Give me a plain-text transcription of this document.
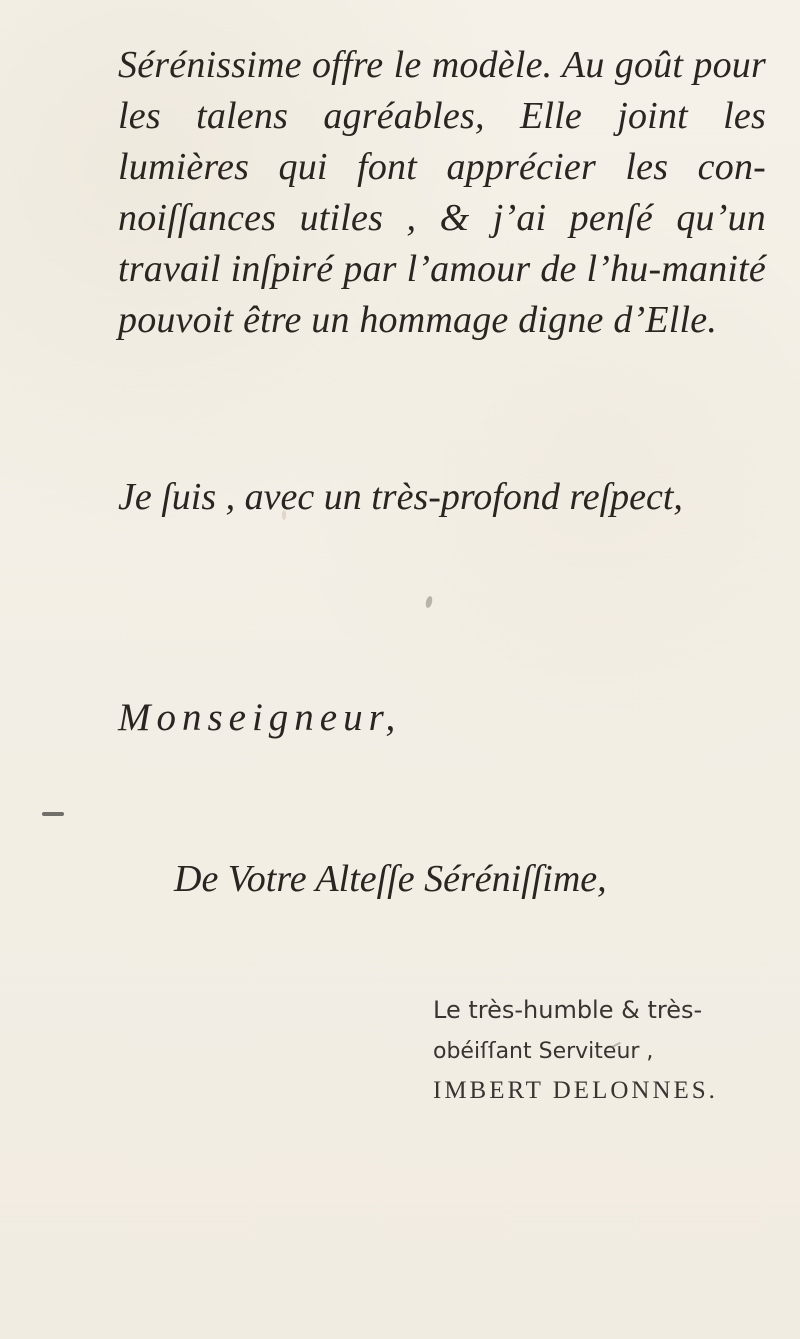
Sérénissime offre le modèle. Au goût pour les talens agréables, Elle joint les lumières qui font apprécier les con-noiſſances utiles , & j’ai penſé qu’un travail inſpiré par l’amour de l’hu-manité pouvoit être un hommage digne d’Elle.
Je ſuis , avec un très-profond reſpect,
Monseigneur,
De Votre Alteſſe Séréniſſime,
Le très-humble & très-
obéiſſant Serviteur ,
IMBERT DELONNES.
